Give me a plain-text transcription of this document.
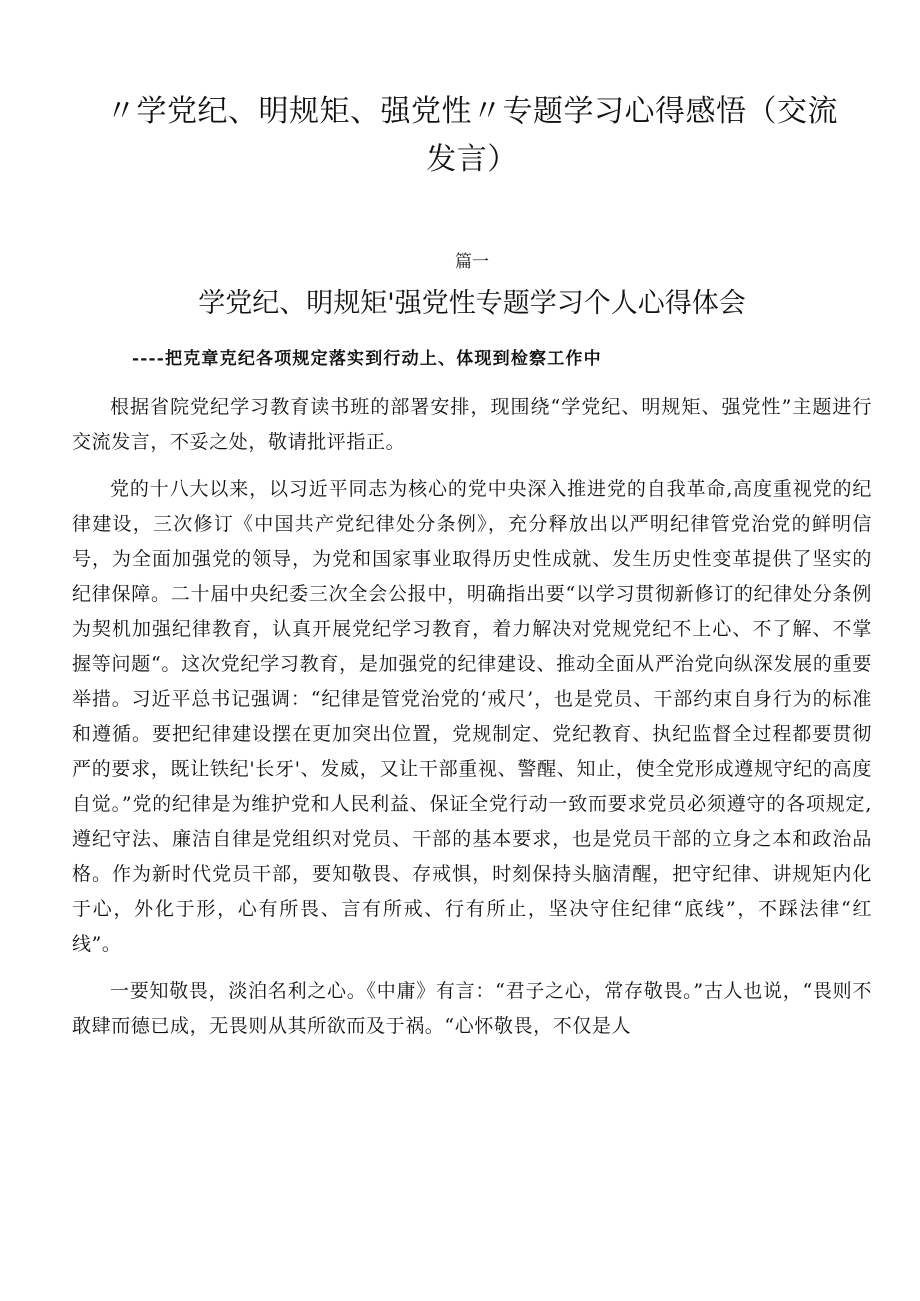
〃学党纪、明规矩、强党性〃专题学习心得感悟（交流发言）
篇一
学党纪、明规矩'强党性专题学习个人心得体会
----把克章克纪各项规定落实到行动上、体现到检察工作中

根据省院党纪学习教育读书班的部署安排，现围绕“学党纪、明规矩、强党性”主题进行交流发言，不妥之处，敬请批评指正。

党的十八大以来，以习近平同志为核心的党中央深入推进党的自我革命,高度重视党的纪律建设，三次修订《中国共产党纪律处分条例》，充分释放出以严明纪律管党治党的鲜明信号，为全面加强党的领导，为党和国家事业取得历史性成就、发生历史性变革提供了坚实的纪律保障。二十届中央纪委三次全会公报中，明确指出要“以学习贯彻新修订的纪律处分条例为契机加强纪律教育，认真开展党纪学习教育，着力解决对党规党纪不上心、不了解、不掌握等问题“。这次党纪学习教育，是加强党的纪律建设、推动全面从严治党向纵深发展的重要举措。习近平总书记强调：“纪律是管党治党的‘戒尺’，也是党员、干部约束自身行为的标准和遵循。要把纪律建设摆在更加突出位置，党规制定、党纪教育、执纪监督全过程都要贯彻严的要求，既让铁纪'长牙'、发威，又让干部重视、警醒、知止，使全党形成遵规守纪的高度自觉。”党的纪律是为维护党和人民利益、保证全党行动一致而要求党员必须遵守的各项规定,遵纪守法、廉洁自律是党组织对党员、干部的基本要求，也是党员干部的立身之本和政治品格。作为新时代党员干部，要知敬畏、存戒惧，时刻保持头脑清醒，把守纪律、讲规矩内化于心，外化于形，心有所畏、言有所戒、行有所止，坚决守住纪律“底线”，不踩法律“红线”。

一要知敬畏，淡泊名利之心。《中庸》有言：“君子之心，常存敬畏。”古人也说，“畏则不敢肆而德已成，无畏则从其所欲而及于祸。“心怀敬畏，不仅是人
